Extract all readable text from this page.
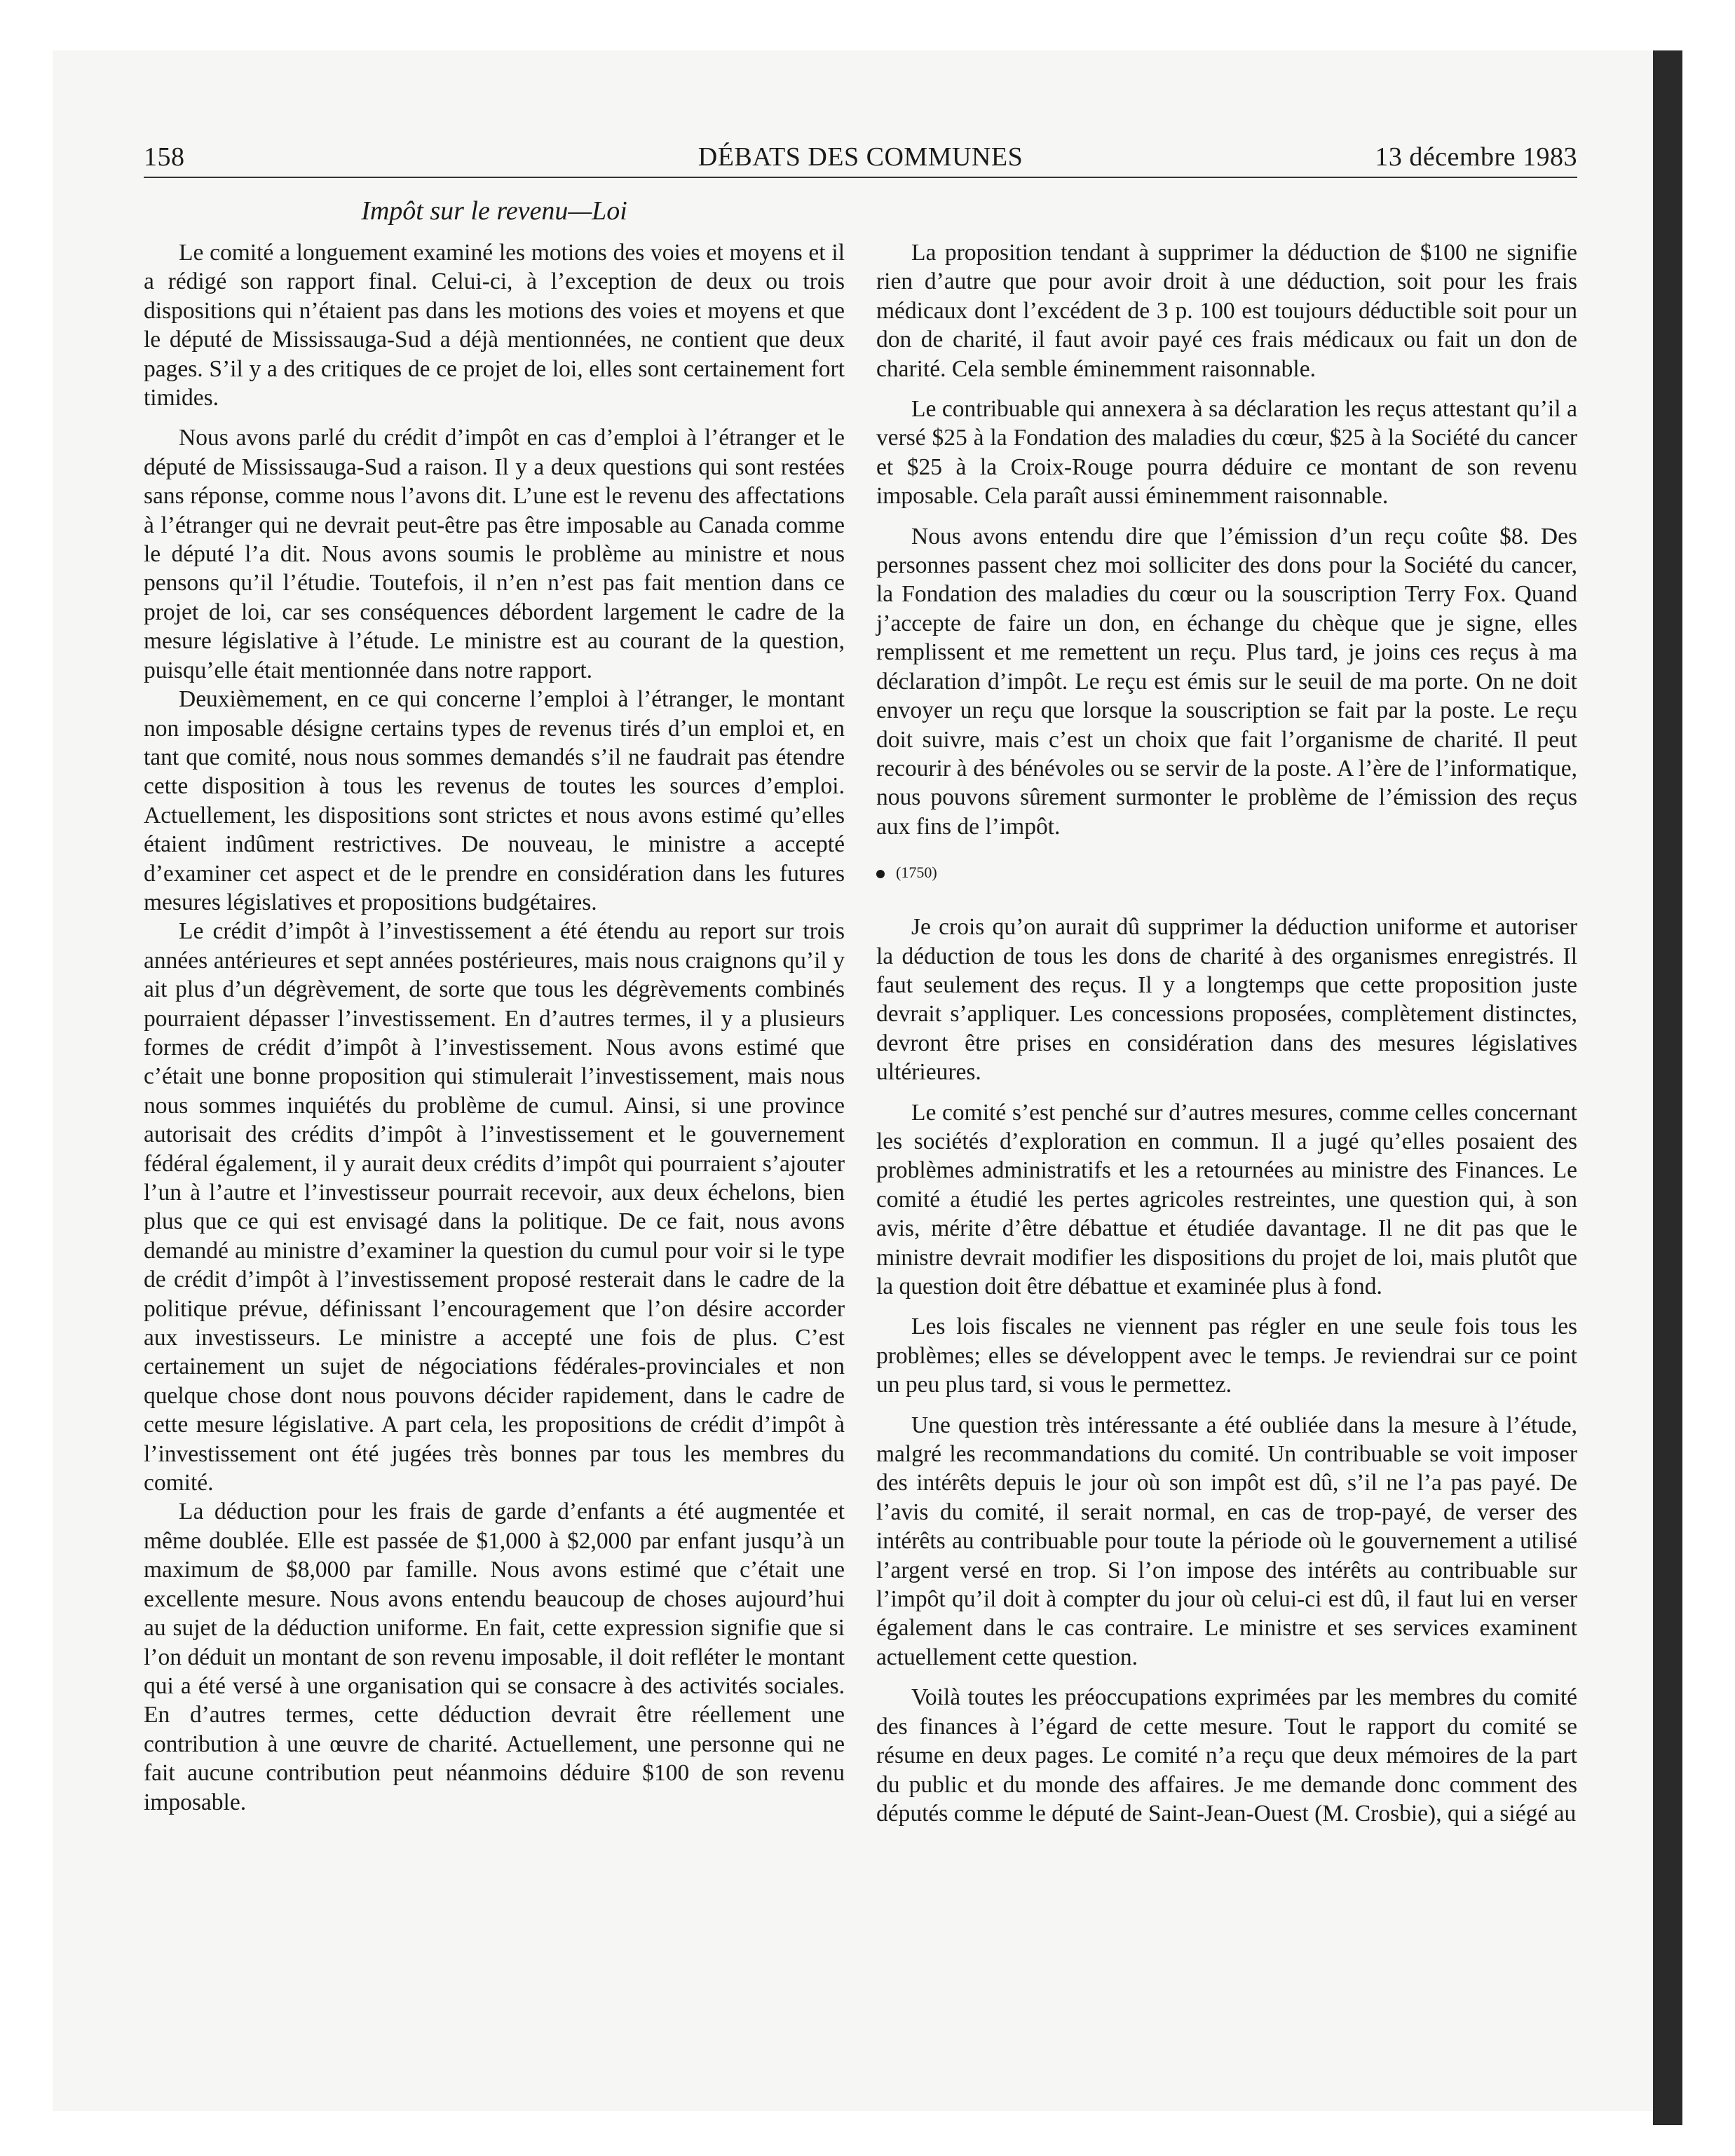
DÉBATS DES COMMUNES
158	13 décembre 1983
Impôt sur le revenu—Loi

Le comité a longuement examiné les motions des voies et moyens et il a rédigé son rapport final. Celui-ci, à l’exception de deux ou trois dispositions qui n’étaient pas dans les motions des voies et moyens et que le député de Mississauga-Sud a déjà mentionnées, ne contient que deux pages. S’il y a des critiques de ce projet de loi, elles sont certainement fort timides.

Nous avons parlé du crédit d’impôt en cas d’emploi à l’étranger et le député de Mississauga-Sud a raison. Il y a deux questions qui sont restées sans réponse, comme nous l’avons dit. L’une est le revenu des affectations à l’étranger qui ne devrait peut-être pas être imposable au Canada comme le député l’a dit. Nous avons soumis le problème au ministre et nous pensons qu’il l’étudie. Toutefois, il n’en n’est pas fait mention dans ce projet de loi, car ses conséquences débordent largement le cadre de la mesure législative à l’étude. Le ministre est au courant de la question, puisqu’elle était mentionnée dans notre rapport.

Deuxièmement, en ce qui concerne l’emploi à l’étranger, le montant non imposable désigne certains types de revenus tirés d’un emploi et, en tant que comité, nous nous sommes demandés s’il ne faudrait pas étendre cette disposition à tous les revenus de toutes les sources d’emploi. Actuellement, les dispositions sont strictes et nous avons estimé qu’elles étaient indûment restrictives. De nouveau, le ministre a accepté d’examiner cet aspect et de le prendre en considération dans les futures mesures législatives et propositions budgétaires.

Le crédit d’impôt à l’investissement a été étendu au report sur trois années antérieures et sept années postérieures, mais nous craignons qu’il y ait plus d’un dégrèvement, de sorte que tous les dégrèvements combinés pourraient dépasser l’investissement. En d’autres termes, il y a plusieurs formes de crédit d’impôt à l’investissement. Nous avons estimé que c’était une bonne proposition qui stimulerait l’investissement, mais nous nous sommes inquiétés du problème de cumul. Ainsi, si une province autorisait des crédits d’impôt à l’investissement et le gouvernement fédéral également, il y aurait deux crédits d’impôt qui pourraient s’ajouter l’un à l’autre et l’investisseur pourrait recevoir, aux deux échelons, bien plus que ce qui est envisagé dans la politique. De ce fait, nous avons demandé au ministre d’examiner la question du cumul pour voir si le type de crédit d’impôt à l’investissement proposé resterait dans le cadre de la politique prévue, définissant l’encouragement que l’on désire accorder aux investisseurs. Le ministre a accepté une fois de plus. C’est certainement un sujet de négociations fédérales-provinciales et non quelque chose dont nous pouvons décider rapidement, dans le cadre de cette mesure législative. A part cela, les propositions de crédit d’impôt à l’investissement ont été jugées très bonnes par tous les membres du comité.

La déduction pour les frais de garde d’enfants a été augmentée et même doublée. Elle est passée de $1,000 à $2,000 par enfant jusqu’à un maximum de $8,000 par famille. Nous avons estimé que c’était une excellente mesure. Nous avons entendu beaucoup de choses aujourd’hui au sujet de la déduction uniforme. En fait, cette expression signifie que si l’on déduit un montant de son revenu imposable, il doit refléter le montant qui a été versé à une organisation qui se consacre à des activités sociales. En d’autres termes, cette déduction devrait être réellement une contribution à une œuvre de charité. Actuellement, une personne qui ne fait aucune contribution peut néanmoins déduire $100 de son revenu imposable.

La proposition tendant à supprimer la déduction de $100 ne signifie rien d’autre que pour avoir droit à une déduction, soit pour les frais médicaux dont l’excédent de 3 p. 100 est toujours déductible soit pour un don de charité, il faut avoir payé ces frais médicaux ou fait un don de charité. Cela semble éminemment raisonnable.

Le contribuable qui annexera à sa déclaration les reçus attestant qu’il a versé $25 à la Fondation des maladies du cœur, $25 à la Société du cancer et $25 à la Croix-Rouge pourra déduire ce montant de son revenu imposable. Cela paraît aussi éminemment raisonnable.

Nous avons entendu dire que l’émission d’un reçu coûte $8. Des personnes passent chez moi solliciter des dons pour la Société du cancer, la Fondation des maladies du cœur ou la souscription Terry Fox. Quand j’accepte de faire un don, en échange du chèque que je signe, elles remplissent et me remettent un reçu. Plus tard, je joins ces reçus à ma déclaration d’impôt. Le reçu est émis sur le seuil de ma porte. On ne doit envoyer un reçu que lorsque la souscription se fait par la poste. Le reçu doit suivre, mais c’est un choix que fait l’organisme de charité. Il peut recourir à des bénévoles ou se servir de la poste. A l’ère de l’informatique, nous pouvons sûrement surmonter le problème de l’émission des reçus aux fins de l’impôt.

(1750)

Je crois qu’on aurait dû supprimer la déduction uniforme et autoriser la déduction de tous les dons de charité à des organismes enregistrés. Il faut seulement des reçus. Il y a longtemps que cette proposition juste devrait s’appliquer. Les concessions proposées, complètement distinctes, devront être prises en considération dans des mesures législatives ultérieures.

Le comité s’est penché sur d’autres mesures, comme celles concernant les sociétés d’exploration en commun. Il a jugé qu’elles posaient des problèmes administratifs et les a retournées au ministre des Finances. Le comité a étudié les pertes agricoles restreintes, une question qui, à son avis, mérite d’être débattue et étudiée davantage. Il ne dit pas que le ministre devrait modifier les dispositions du projet de loi, mais plutôt que la question doit être débattue et examinée plus à fond.

Les lois fiscales ne viennent pas régler en une seule fois tous les problèmes; elles se développent avec le temps. Je reviendrai sur ce point un peu plus tard, si vous le permettez.

Une question très intéressante a été oubliée dans la mesure à l’étude, malgré les recommandations du comité. Un contribuable se voit imposer des intérêts depuis le jour où son impôt est dû, s’il ne l’a pas payé. De l’avis du comité, il serait normal, en cas de trop-payé, de verser des intérêts au contribuable pour toute la période où le gouvernement a utilisé l’argent versé en trop. Si l’on impose des intérêts au contribuable sur l’impôt qu’il doit à compter du jour où celui-ci est dû, il faut lui en verser également dans le cas contraire. Le ministre et ses services examinent actuellement cette question.

Voilà toutes les préoccupations exprimées par les membres du comité des finances à l’égard de cette mesure. Tout le rapport du comité se résume en deux pages. Le comité n’a reçu que deux mémoires de la part du public et du monde des affaires. Je me demande donc comment des députés comme le député de Saint-Jean-Ouest (M. Crosbie), qui a siégé au
